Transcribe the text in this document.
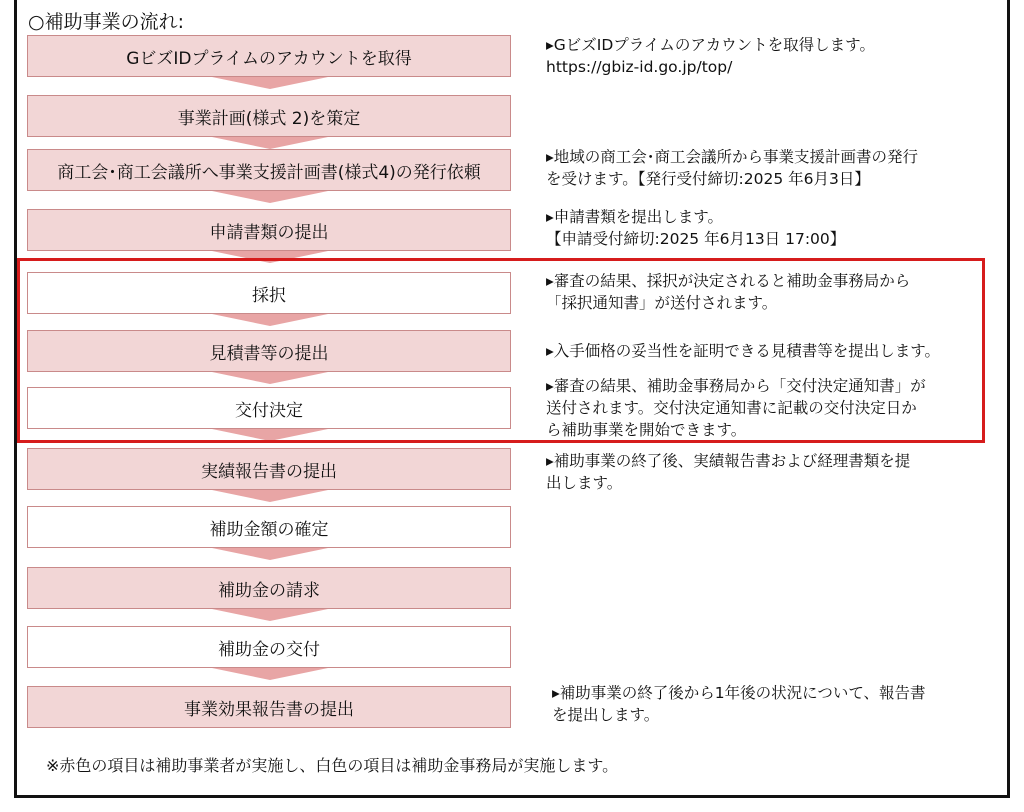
○補助事業の流れ:
GビズIDプライムのアカウントを取得
事業計画(様式 2)を策定
商工会･商工会議所へ事業支援計画書(様式4)の発行依頼
申請書類の提出
採択
見積書等の提出
交付決定
実績報告書の提出
補助金額の確定
補助金の請求
補助金の交付
事業効果報告書の提出
▸GビズIDプライムのアカウントを取得します。
https://gbiz-id.go.jp/top/
▸地域の商工会･商工会議所から事業支援計画書の発行
を受けます。【発行受付締切:2025 年6月3日】
▸申請書類を提出します。
【申請受付締切:2025 年6月13日 17:00】
▸審査の結果、採択が決定されると補助金事務局から
「採択通知書」が送付されます。
▸入手価格の妥当性を証明できる見積書等を提出します。
▸審査の結果、補助金事務局から「交付決定通知書」が
送付されます。交付決定通知書に記載の交付決定日か
ら補助事業を開始できます。
▸補助事業の終了後、実績報告書および経理書類を提
出します。
▸補助事業の終了後から1年後の状況について、報告書
を提出します。
※赤色の項目は補助事業者が実施し、白色の項目は補助金事務局が実施します。
